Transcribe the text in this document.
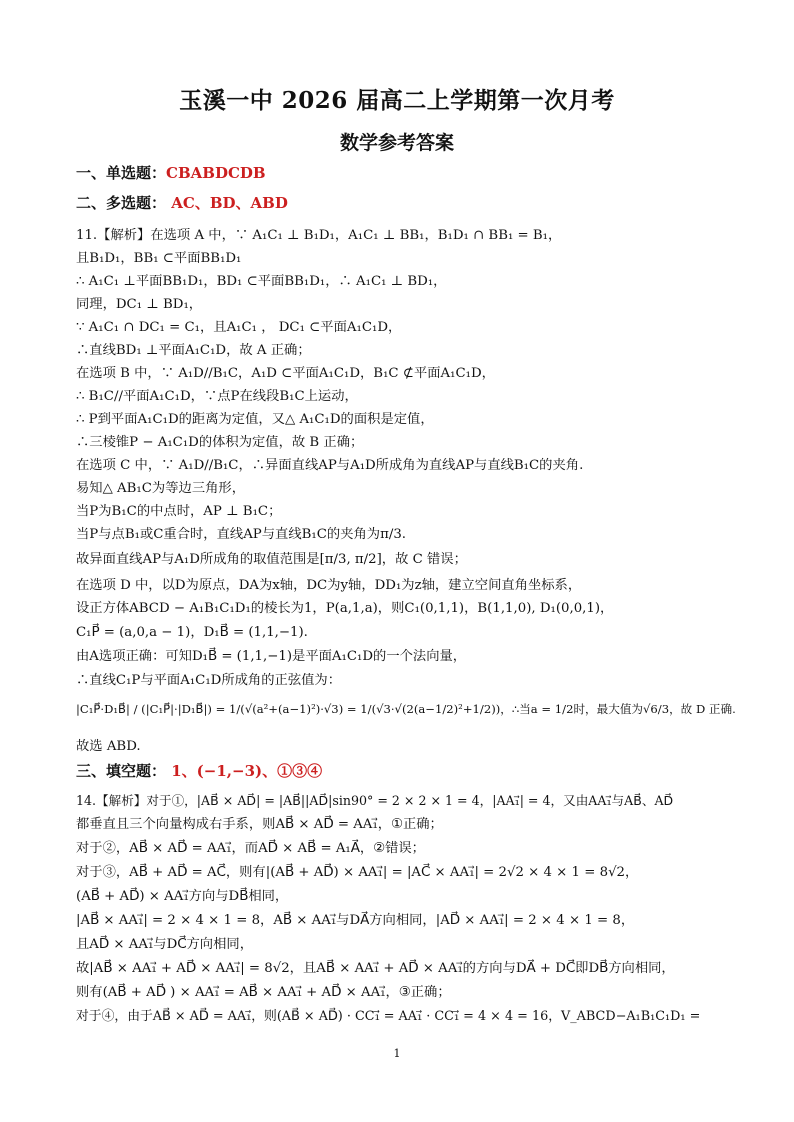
玉溪一中 2026 届高二上学期第一次月考
数学参考答案
一、单选题：CBABDCDB
二、多选题： AC、BD、ABD
11.【解析】在选项 A 中，∵ A₁C₁ ⊥ B₁D₁，A₁C₁ ⊥ BB₁，B₁D₁ ∩ BB₁ = B₁，
且B₁D₁，BB₁ ⊂平面BB₁D₁
∴ A₁C₁ ⊥平面BB₁D₁，BD₁ ⊂平面BB₁D₁，∴ A₁C₁ ⊥ BD₁，
同理，DC₁ ⊥ BD₁，
∵ A₁C₁ ∩ DC₁ = C₁，且A₁C₁ ， DC₁ ⊂平面A₁C₁D，
∴直线BD₁ ⊥平面A₁C₁D，故 A 正确；
在选项 B 中，∵ A₁D//B₁C，A₁D ⊂平面A₁C₁D，B₁C ⊄平面A₁C₁D，
∴ B₁C//平面A₁C₁D，∵点P在线段B₁C上运动，
∴ P到平面A₁C₁D的距离为定值，又△ A₁C₁D的面积是定值，
∴三棱锥P − A₁C₁D的体积为定值，故 B 正确；
在选项 C 中，∵ A₁D//B₁C，∴异面直线AP与A₁D所成角为直线AP与直线B₁C的夹角.
易知△ AB₁C为等边三角形，
当P为B₁C的中点时，AP ⊥ B₁C；
当P与点B₁或C重合时，直线AP与直线B₁C的夹角为π/3.
故异面直线AP与A₁D所成角的取值范围是[π/3, π/2]，故 C 错误；
在选项 D 中，以D为原点，DA为x轴，DC为y轴，DD₁为z轴，建立空间直角坐标系，
设正方体ABCD − A₁B₁C₁D₁的棱长为1，P(a,1,a)，则C₁(0,1,1)，B(1,1,0), D₁(0,0,1)，
C₁P⃗ = (a,0,a − 1)，D₁B⃗ = (1,1,−1).
由A选项正确：可知D₁B⃗ = (1,1,−1)是平面A₁C₁D的一个法向量，
∴直线C₁P与平面A₁C₁D所成角的正弦值为：
|C₁P⃗·D₁B⃗| / (|C₁P⃗|·|D₁B⃗|) = 1/(√(a²+(a−1)²)·√3) = 1/(√3·√(2(a−1/2)²+1/2))，∴当a = 1/2时，最大值为√6/3，故 D 正确.
故选 ABD.
三、填空题： 1、(−1,−3)、①③④
14.【解析】对于①，|AB⃗ × AD⃗| = |AB⃗||AD⃗|sin90° = 2 × 2 × 1 = 4，|AA₁⃗| = 4，又由AA₁⃗与AB⃗、AD⃗
都垂直且三个向量构成右手系，则AB⃗ × AD⃗ = AA₁⃗，①正确；
对于②，AB⃗ × AD⃗ = AA₁⃗，而AD⃗ × AB⃗ = A₁A⃗，②错误；
对于③，AB⃗ + AD⃗ = AC⃗，则有|(AB⃗ + AD⃗) × AA₁⃗| = |AC⃗ × AA₁⃗| = 2√2 × 4 × 1 = 8√2，
(AB⃗ + AD⃗) × AA₁⃗方向与DB⃗相同，
|AB⃗ × AA₁⃗| = 2 × 4 × 1 = 8，AB⃗ × AA₁⃗与DA⃗方向相同，|AD⃗ × AA₁⃗| = 2 × 4 × 1 = 8，
且AD⃗ × AA₁⃗与DC⃗方向相同，
故|AB⃗ × AA₁⃗ + AD⃗ × AA₁⃗| = 8√2，且AB⃗ × AA₁⃗ + AD⃗ × AA₁⃗的方向与DA⃗ + DC⃗即DB⃗方向相同，
则有(AB⃗ + AD⃗ ) × AA₁⃗ = AB⃗ × AA₁⃗ + AD⃗ × AA₁⃗，③正确；
对于④，由于AB⃗ × AD⃗ = AA₁⃗，则(AB⃗ × AD⃗) · CC₁⃗ = AA₁⃗ · CC₁⃗ = 4 × 4 = 16，V_ABCD−A₁B₁C₁D₁ =
1
